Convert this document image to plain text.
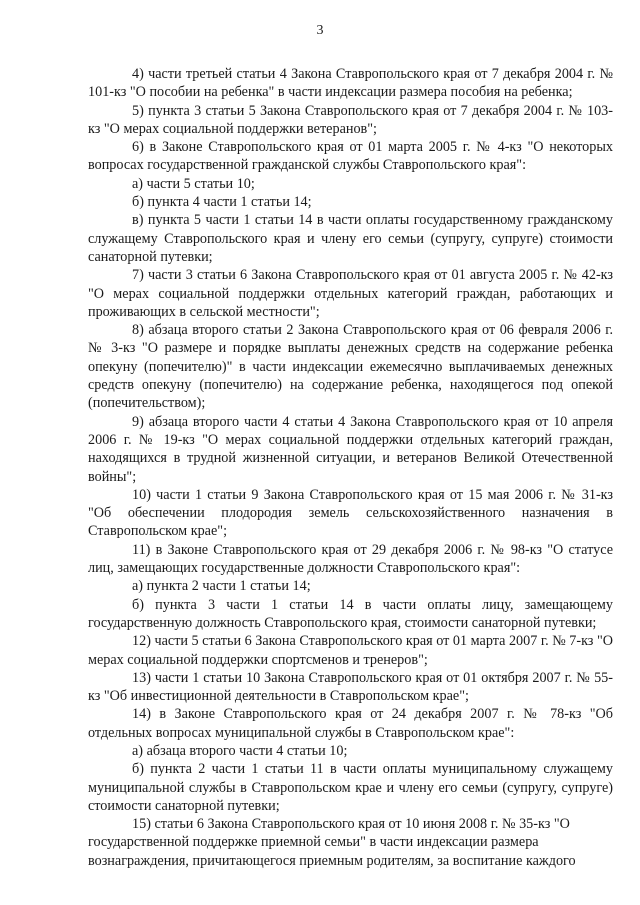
3

4) части третьей статьи 4 Закона Ставропольского края от 7 декабря 2004 г. № 101-кз "О пособии на ребенка" в части индексации размера пособия на ребенка;

5) пункта 3 статьи 5 Закона Ставропольского края от 7 декабря 2004 г. № 103-кз "О мерах социальной поддержки ветеранов";

6) в Законе Ставропольского края от 01 марта 2005 г. № 4-кз "О некоторых вопросах государственной гражданской службы Ставропольского края":

а) части 5 статьи 10;

б) пункта 4 части 1 статьи 14;

в) пункта 5 части 1 статьи 14 в части оплаты государственному гражданскому служащему Ставропольского края и члену его семьи (супругу, супруге) стоимости санаторной путевки;

7) части 3 статьи 6 Закона Ставропольского края от 01 августа 2005 г. № 42-кз "О мерах социальной поддержки отдельных категорий граждан, работающих и проживающих в сельской местности";

8) абзаца второго статьи 2 Закона Ставропольского края от 06 февраля 2006 г. № 3-кз "О размере и порядке выплаты денежных средств на содержание ребенка опекуну (попечителю)" в части индексации ежемесячно выплачиваемых денежных средств опекуну (попечителю) на содержание ребенка, находящегося под опекой (попечительством);

9) абзаца второго части 4 статьи 4 Закона Ставропольского края от 10 апреля 2006 г. № 19-кз "О мерах социальной поддержки отдельных категорий граждан, находящихся в трудной жизненной ситуации, и ветеранов Великой Отечественной войны";

10) части 1 статьи 9 Закона Ставропольского края от 15 мая 2006 г. № 31-кз "Об обеспечении плодородия земель сельскохозяйственного назначения в Ставропольском крае";

11) в Законе Ставропольского края от 29 декабря 2006 г. № 98-кз "О статусе лиц, замещающих государственные должности Ставропольского края":

а) пункта 2 части 1 статьи 14;

б) пункта 3 части 1 статьи 14 в части оплаты лицу, замещающему государственную должность Ставропольского края, стоимости санаторной путевки;

12) части 5 статьи 6 Закона Ставропольского края от 01 марта 2007 г. № 7-кз "О мерах социальной поддержки спортсменов и тренеров";

13) части 1 статьи 10 Закона Ставропольского края от 01 октября 2007 г. № 55-кз "Об инвестиционной деятельности в Ставропольском крае";

14) в Законе Ставропольского края от 24 декабря 2007 г. № 78-кз "Об отдельных вопросах муниципальной службы в Ставропольском крае":

а) абзаца второго части 4 статьи 10;

б) пункта 2 части 1 статьи 11 в части оплаты муниципальному служащему муниципальной службы в Ставропольском крае и члену его семьи (супругу, супруге) стоимости санаторной путевки;

15) статьи 6 Закона Ставропольского края от 10 июня 2008 г. № 35-кз "О государственной поддержке приемной семьи" в части индексации размера вознаграждения, причитающегося приемным родителям, за воспитание каждого
